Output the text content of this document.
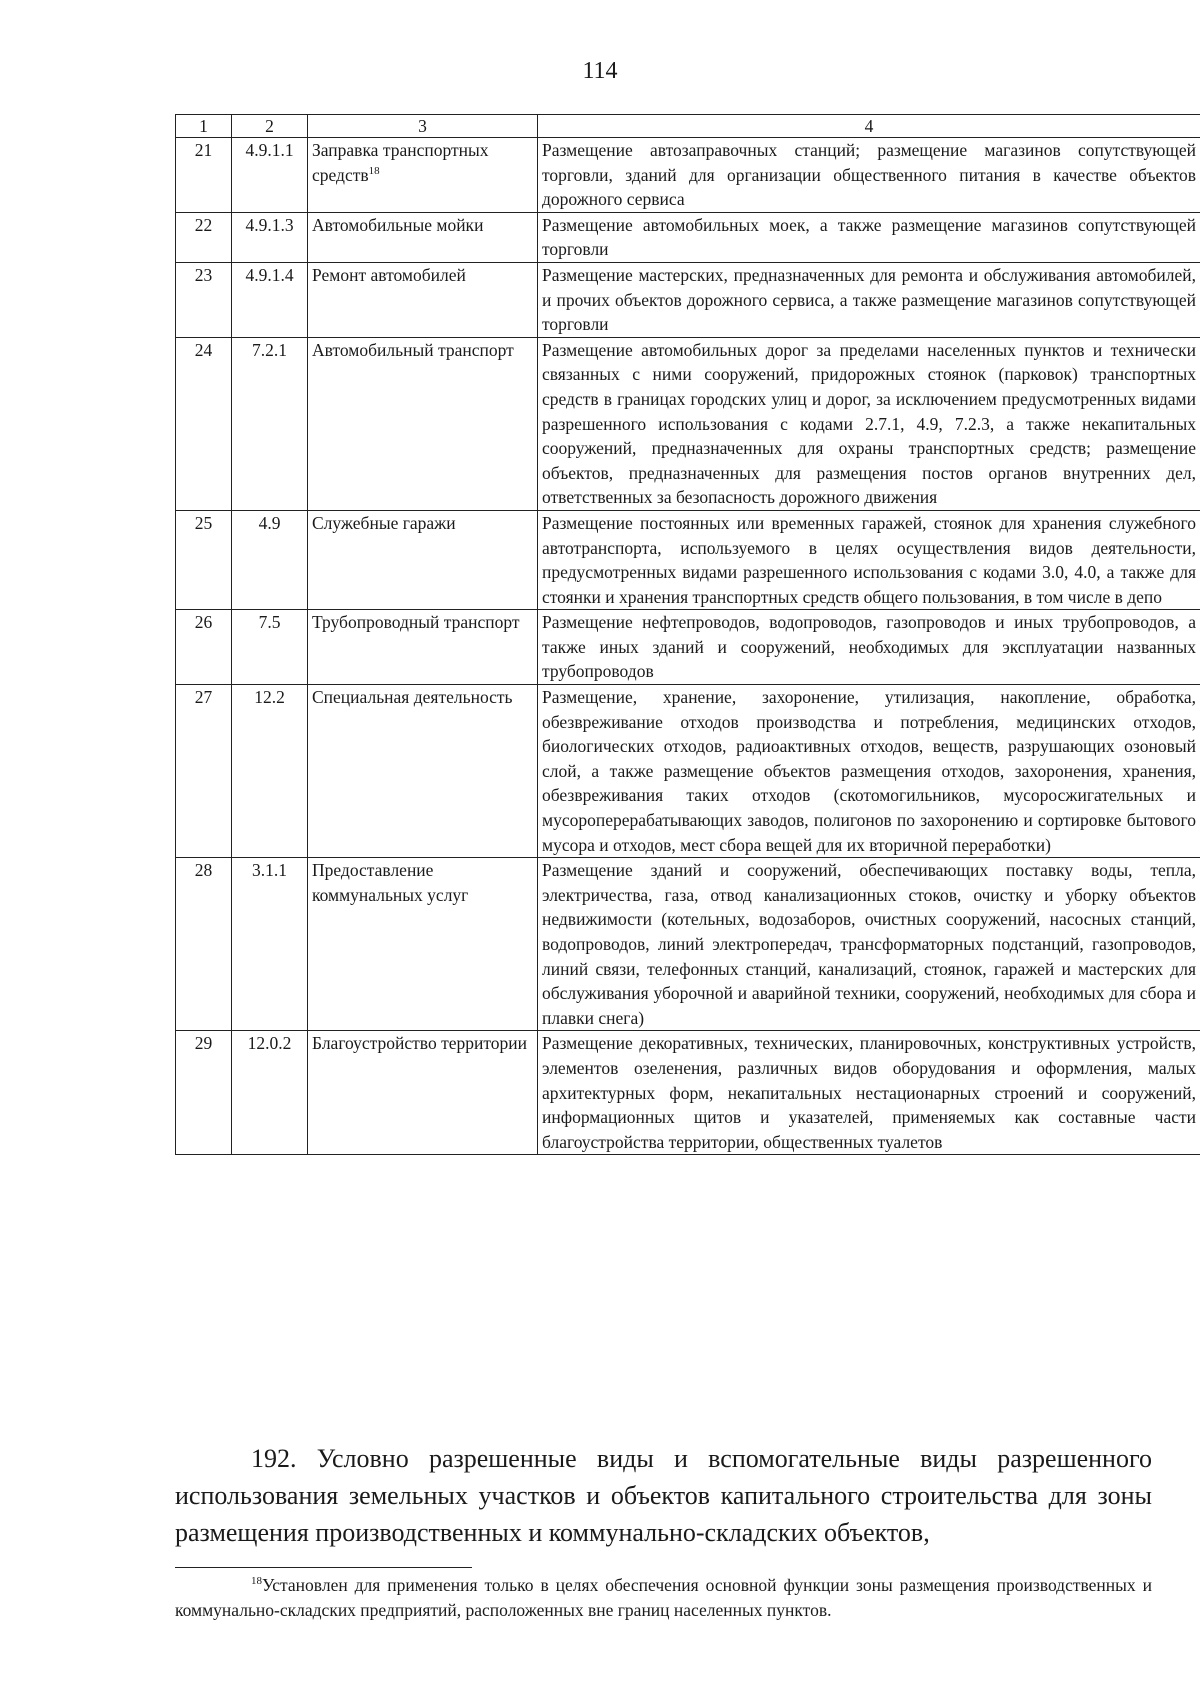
114
1	2	3	4
21	4.9.1.1	Заправка транспортных средств$^{18}$	Размещение автозаправочных станций; размещение магазинов сопутствующей торговли, зданий для организации общественного питания в качестве объектов дорожного сервиса
22	4.9.1.3	Автомобильные мойки	Размещение автомобильных моек, а также размещение магазинов сопутствующей торговли
23	4.9.1.4	Ремонт автомобилей	Размещение мастерских, предназначенных для ремонта и обслуживания автомобилей, и прочих объектов дорожного сервиса, а также размещение магазинов сопутствующей торговли
24	7.2.1	Автомобильный транспорт	Размещение автомобильных дорог за пределами населенных пунктов и технически связанных с ними сооружений, придорожных стоянок (парковок) транспортных средств в границах городских улиц и дорог, за исключением предусмотренных видами разрешенного использования с кодами 2.7.1, 4.9, 7.2.3, а также некапитальных сооружений, предназначенных для охраны транспортных средств; размещение объектов, предназначенных для размещения постов органов внутренних дел, ответственных за безопасность дорожного движения
25	4.9	Служебные гаражи	Размещение постоянных или временных гаражей, стоянок для хранения служебного автотранспорта, используемого в целях осуществления видов деятельности, предусмотренных видами разрешенного использования с кодами 3.0, 4.0, а также для стоянки и хранения транспортных средств общего пользования, в том числе в депо
26	7.5	Трубопроводный транспорт	Размещение нефтепроводов, водопроводов, газопроводов и иных трубопроводов, а также иных зданий и сооружений, необходимых для эксплуатации названных трубопроводов
27	12.2	Специальная деятельность	Размещение, хранение, захоронение, утилизация, накопление, обработка, обезвреживание отходов производства и потребления, медицинских отходов, биологических отходов, радиоактивных отходов, веществ, разрушающих озоновый слой, а также размещение объектов размещения отходов, захоронения, хранения, обезвреживания таких отходов (скотомогильников, мусоросжигательных и мусороперерабатывающих заводов, полигонов по захоронению и сортировке бытового мусора и отходов, мест сбора вещей для их вторичной переработки)
28	3.1.1	Предоставление коммунальных услуг	Размещение зданий и сооружений, обеспечивающих поставку воды, тепла, электричества, газа, отвод канализационных стоков, очистку и уборку объектов недвижимости (котельных, водозаборов, очистных сооружений, насосных станций, водопроводов, линий электропередач, трансформаторных подстанций, газопроводов, линий связи, телефонных станций, канализаций, стоянок, гаражей и мастерских для обслуживания уборочной и аварийной техники, сооружений, необходимых для сбора и плавки снега)
29	12.0.2	Благоустройство территории	Размещение декоративных, технических, планировочных, конструктивных устройств, элементов озеленения, различных видов оборудования и оформления, малых архитектурных форм, некапитальных нестационарных строений и сооружений, информационных щитов и указателей, применяемых как составные части благоустройства территории, общественных туалетов
192. Условно разрешенные виды и вспомогательные виды разрешенного использования земельных участков и объектов капитального строительства для зоны размещения производственных и коммунально-складских объектов,
$^{18}$Установлен для применения только в целях обеспечения основной функции зоны размещения производственных и коммунально-складских предприятий, расположенных вне границ населенных пунктов.
